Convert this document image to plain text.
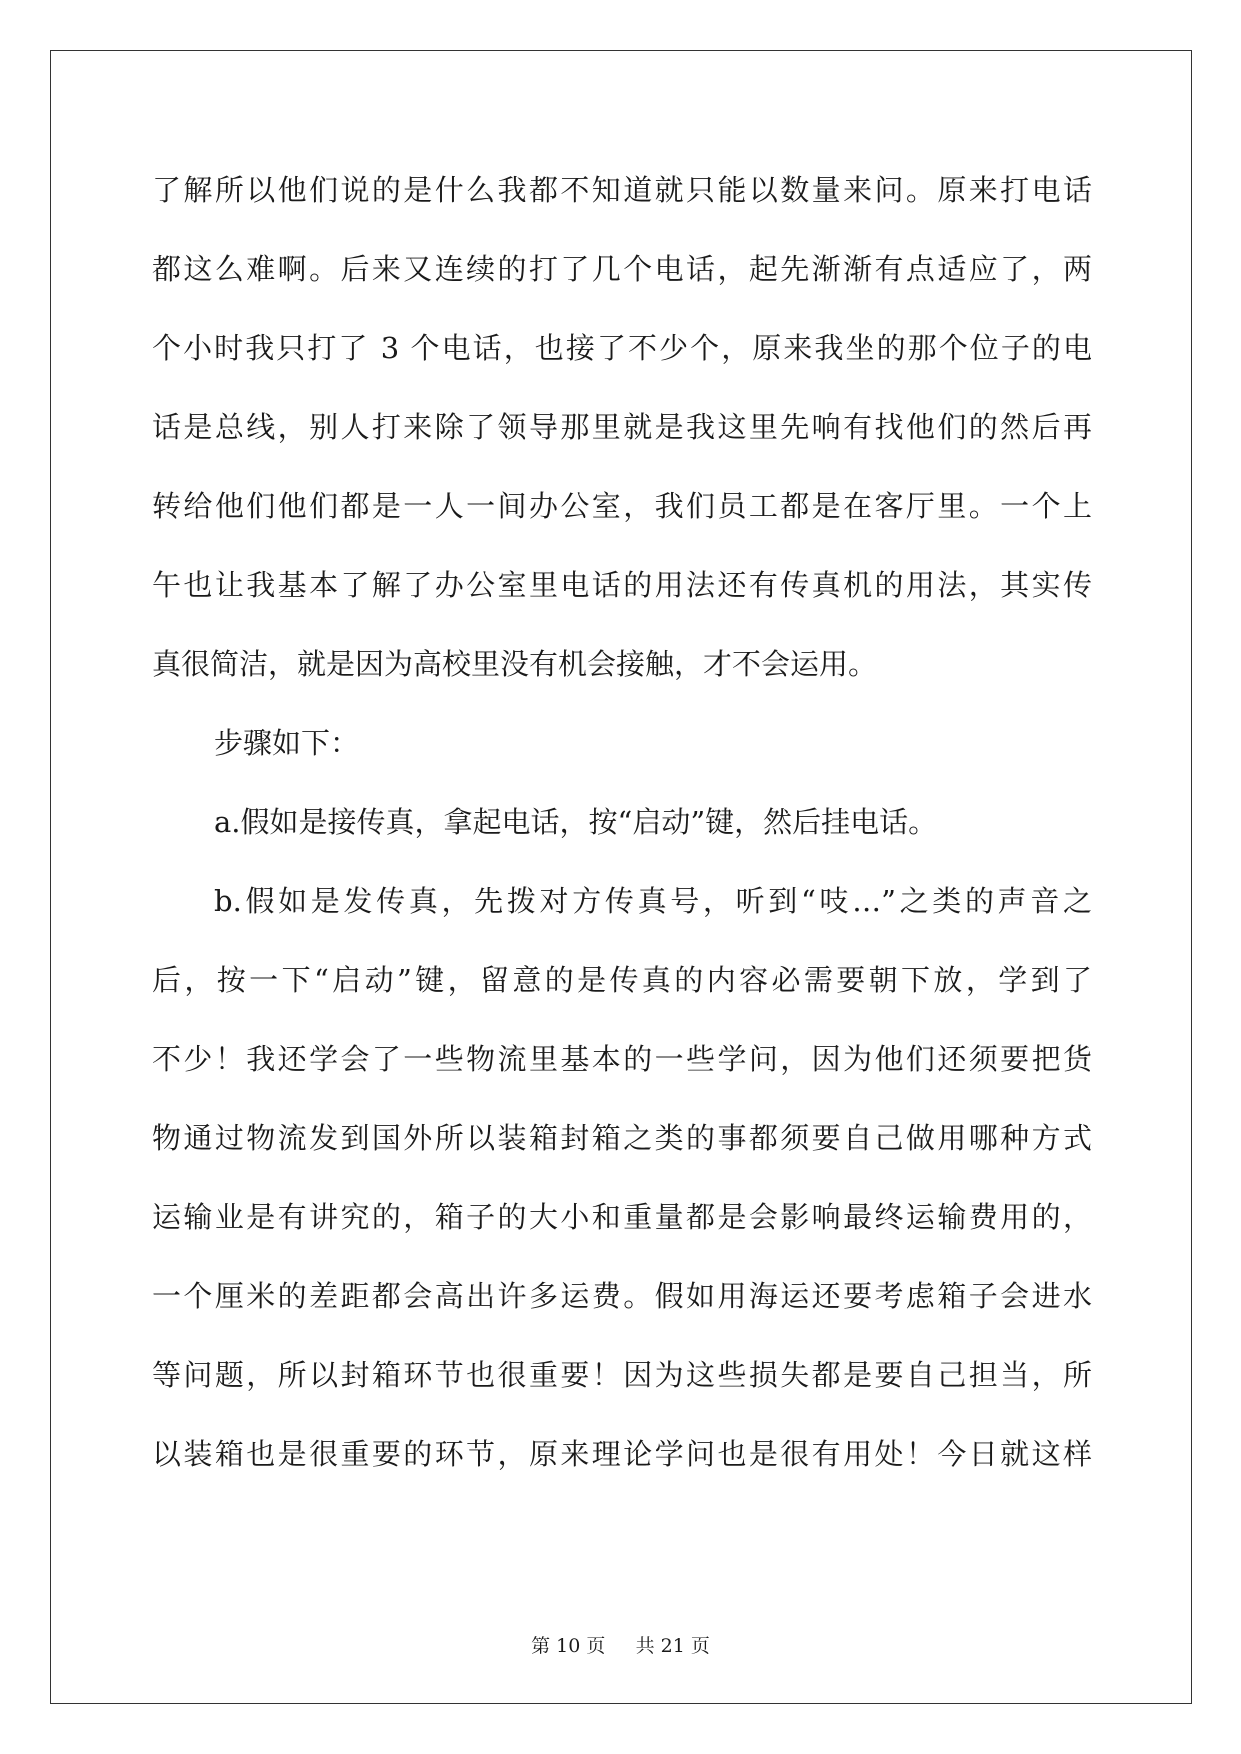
了解所以他们说的是什么我都不知道就只能以数量来问。原来打电话
都这么难啊。后来又连续的打了几个电话，起先渐渐有点适应了，两
个小时我只打了 3 个电话，也接了不少个，原来我坐的那个位子的电
话是总线，别人打来除了领导那里就是我这里先响有找他们的然后再
转给他们他们都是一人一间办公室，我们员工都是在客厅里。一个上
午也让我基本了解了办公室里电话的用法还有传真机的用法，其实传
真很简洁，就是因为高校里没有机会接触，才不会运用。
步骤如下：
a.假如是接传真，拿起电话，按“启动”键，然后挂电话。
b.假如是发传真，先拨对方传真号，听到“吱…”之类的声音之
后，按一下“启动”键，留意的是传真的内容必需要朝下放，学到了
不少！我还学会了一些物流里基本的一些学问，因为他们还须要把货
物通过物流发到国外所以装箱封箱之类的事都须要自己做用哪种方式
运输业是有讲究的，箱子的大小和重量都是会影响最终运输费用的，
一个厘米的差距都会高出许多运费。假如用海运还要考虑箱子会进水
等问题，所以封箱环节也很重要！因为这些损失都是要自己担当，所
以装箱也是很重要的环节，原来理论学问也是很有用处！今日就这样
第 10 页 共 21 页
